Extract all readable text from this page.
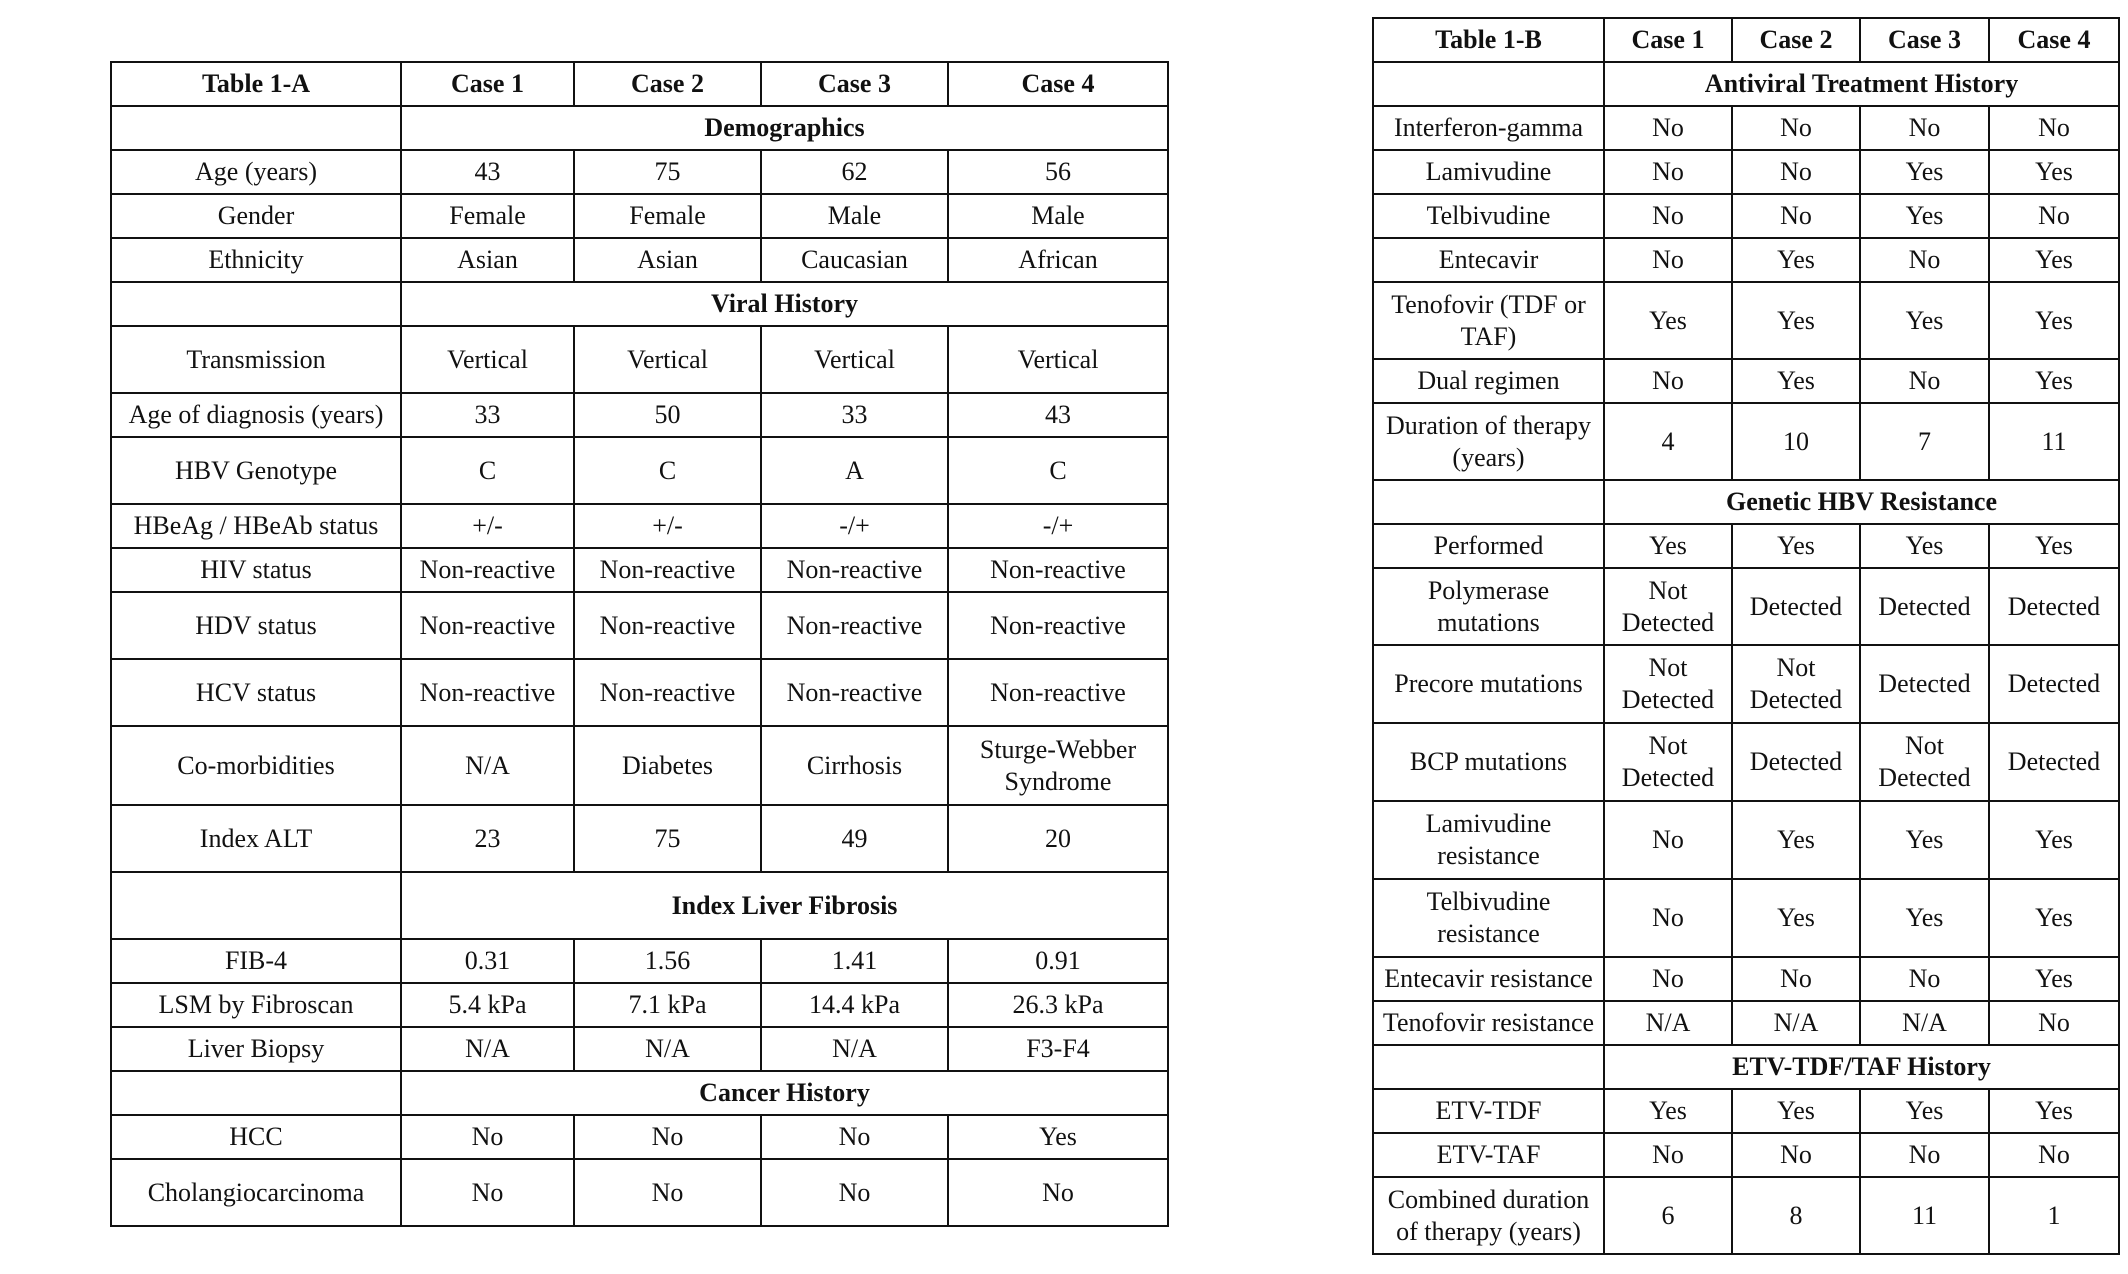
Table 1-A	Case 1	Case 2	Case 3	Case 4
	Demographics			
Age (years)	43	75	62	56
Gender	Female	Female	Male	Male
Ethnicity	Asian	Asian	Caucasian	African
	Viral History			
Transmission	Vertical	Vertical	Vertical	Vertical
Age of diagnosis (years)	33	50	33	43
HBV Genotype	C	C	A	C
HBeAg / HBeAb status	+/-	+/-	-/+	-/+
HIV status	Non-reactive	Non-reactive	Non-reactive	Non-reactive
HDV status	Non-reactive	Non-reactive	Non-reactive	Non-reactive
HCV status	Non-reactive	Non-reactive	Non-reactive	Non-reactive
Co-morbidities	N/A	Diabetes	Cirrhosis	Sturge-Webber Syndrome
Index ALT	23	75	49	20
	Index Liver Fibrosis			
FIB-4	0.31	1.56	1.41	0.91
LSM by Fibroscan	5.4 kPa	7.1 kPa	14.4 kPa	26.3 kPa
Liver Biopsy	N/A	N/A	N/A	F3-F4
	Cancer History			
HCC	No	No	No	Yes
Cholangiocarcinoma	No	No	No	No
Table 1-B	Case 1	Case 2	Case 3	Case 4
	Antiviral Treatment History			
Interferon-gamma	No	No	No	No
Lamivudine	No	No	Yes	Yes
Telbivudine	No	No	Yes	No
Entecavir	No	Yes	No	Yes
Tenofovir (TDF or TAF)	Yes	Yes	Yes	Yes
Dual regimen	No	Yes	No	Yes
Duration of therapy (years)	4	10	7	11
	Genetic HBV Resistance			
Performed	Yes	Yes	Yes	Yes
Polymerase mutations	Not Detected	Detected	Detected	Detected
Precore mutations	Not Detected	Not Detected	Detected	Detected
BCP mutations	Not Detected	Detected	Not Detected	Detected
Lamivudine resistance	No	Yes	Yes	Yes
Telbivudine resistance	No	Yes	Yes	Yes
Entecavir resistance	No	No	No	Yes
Tenofovir resistance	N/A	N/A	N/A	No
	ETV-TDF/TAF History			
ETV-TDF	Yes	Yes	Yes	Yes
ETV-TAF	No	No	No	No
Combined duration of therapy (years)	6	8	11	1
